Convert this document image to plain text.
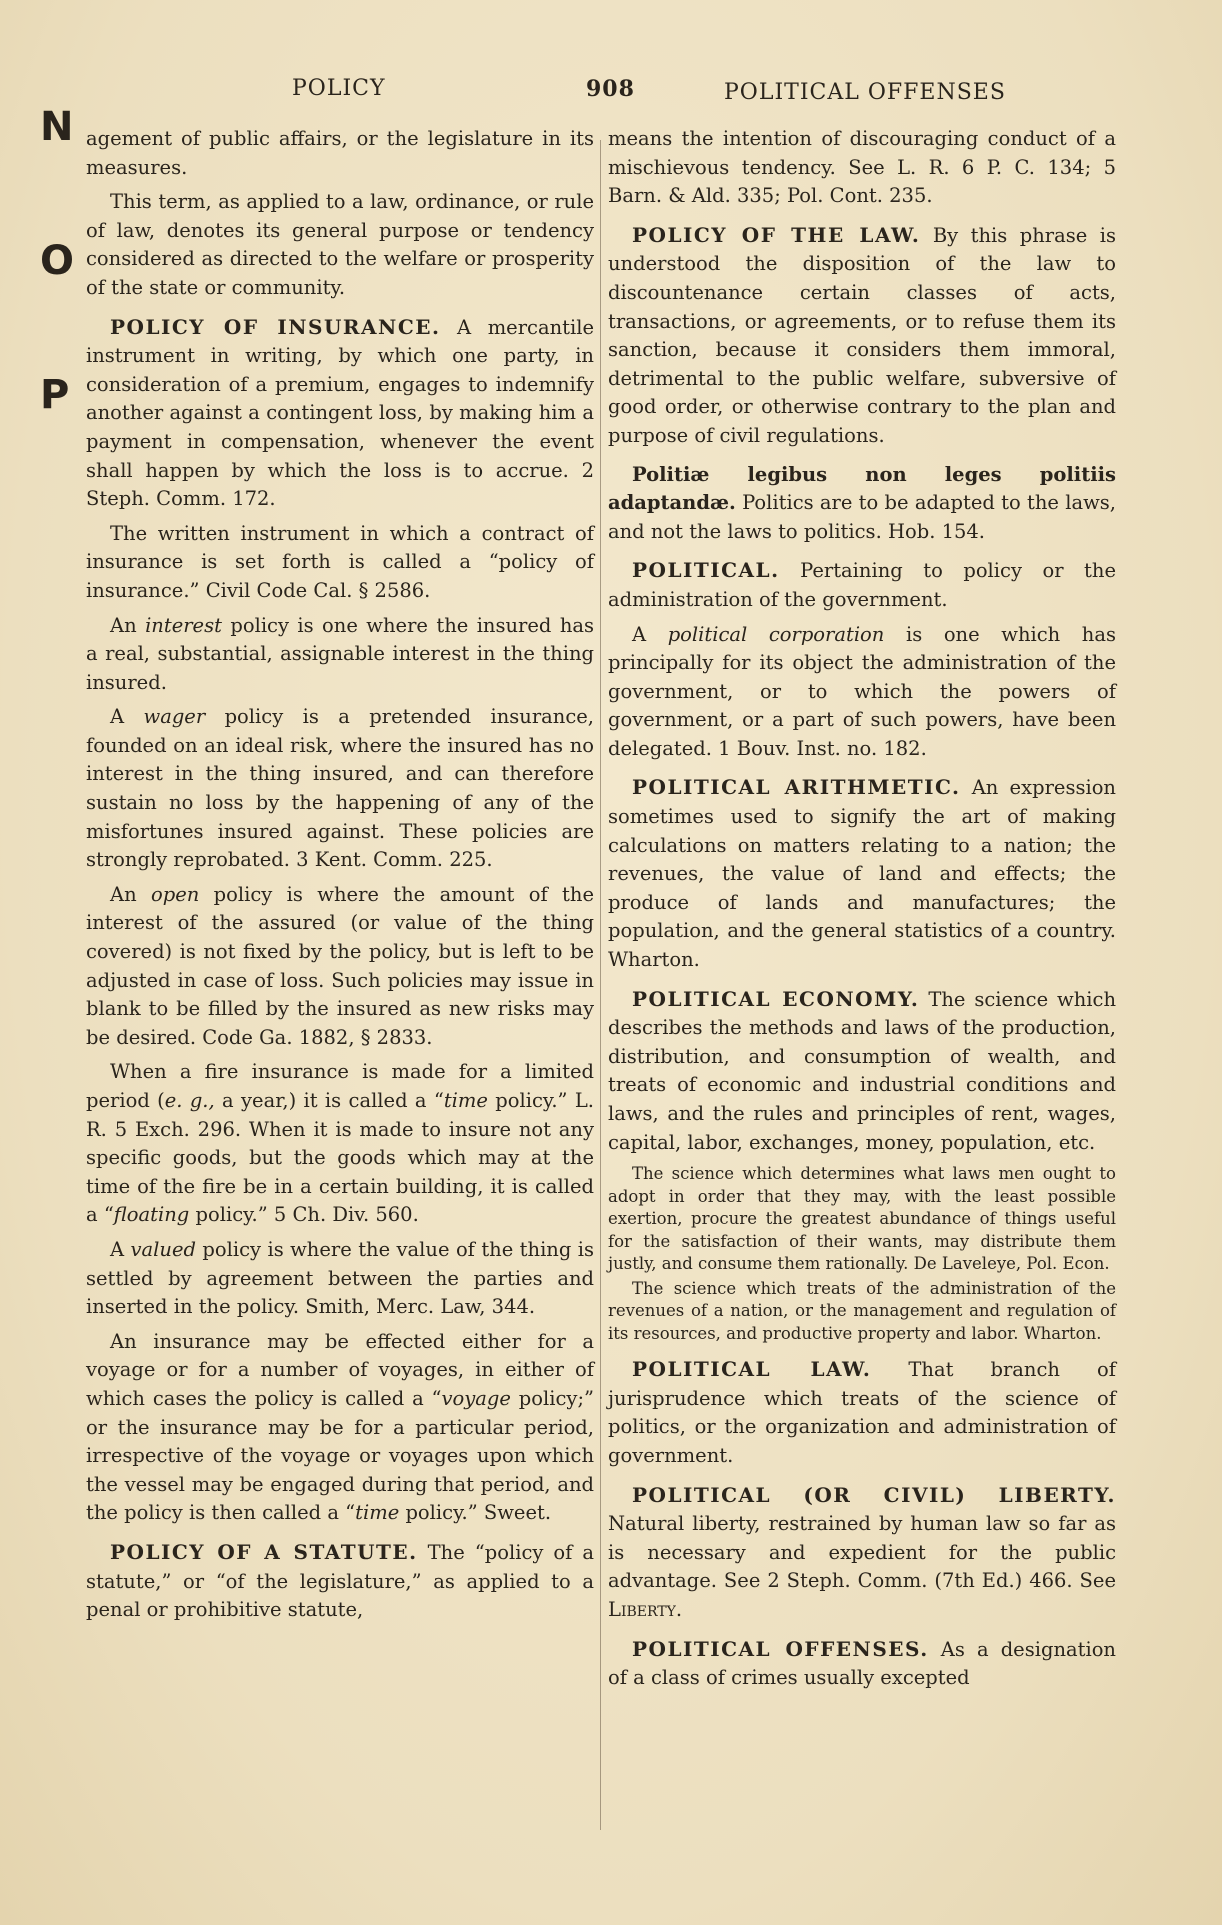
POLICY	908	POLITICAL OFFENSES
N
O
P

agement of public affairs, or the legislature in its measures.

This term, as applied to a law, ordinance, or rule of law, denotes its general purpose or tendency considered as directed to the welfare or prosperity of the state or community.

POLICY OF INSURANCE. A mercantile instrument in writing, by which one party, in consideration of a premium, engages to indemnify another against a contingent loss, by making him a payment in compensation, whenever the event shall happen by which the loss is to accrue. 2 Steph. Comm. 172.

The written instrument in which a contract of insurance is set forth is called a “policy of insurance.” Civil Code Cal. § 2586.

An interest policy is one where the insured has a real, substantial, assignable interest in the thing insured.

A wager policy is a pretended insurance, founded on an ideal risk, where the insured has no interest in the thing insured, and can therefore sustain no loss by the happening of any of the misfortunes insured against. These policies are strongly reprobated. 3 Kent. Comm. 225.

An open policy is where the amount of the interest of the assured (or value of the thing covered) is not fixed by the policy, but is left to be adjusted in case of loss. Such policies may issue in blank to be filled by the insured as new risks may be desired. Code Ga. 1882, § 2833.

When a fire insurance is made for a limited period (e. g., a year,) it is called a “time policy.” L. R. 5 Exch. 296. When it is made to insure not any specific goods, but the goods which may at the time of the fire be in a certain building, it is called a “floating policy.” 5 Ch. Div. 560.

A valued policy is where the value of the thing is settled by agreement between the parties and inserted in the policy. Smith, Merc. Law, 344.

An insurance may be effected either for a voyage or for a number of voyages, in either of which cases the policy is called a “voyage policy;” or the insurance may be for a particular period, irrespective of the voyage or voyages upon which the vessel may be engaged during that period, and the policy is then called a “time policy.” Sweet.

POLICY OF A STATUTE. The “policy of a statute,” or “of the legislature,” as applied to a penal or prohibitive statute,

means the intention of discouraging conduct of a mischievous tendency. See L. R. 6 P. C. 134; 5 Barn. & Ald. 335; Pol. Cont. 235.

POLICY OF THE LAW. By this phrase is understood the disposition of the law to discountenance certain classes of acts, transactions, or agreements, or to refuse them its sanction, because it considers them immoral, detrimental to the public welfare, subversive of good order, or otherwise contrary to the plan and purpose of civil regulations.

Politiæ legibus non leges politiis adaptandæ. Politics are to be adapted to the laws, and not the laws to politics. Hob. 154.

POLITICAL. Pertaining to policy or the administration of the government.

A political corporation is one which has principally for its object the administration of the government, or to which the powers of government, or a part of such powers, have been delegated. 1 Bouv. Inst. no. 182.

POLITICAL ARITHMETIC. An expression sometimes used to signify the art of making calculations on matters relating to a nation; the revenues, the value of land and effects; the produce of lands and manufactures; the population, and the general statistics of a country. Wharton.

POLITICAL ECONOMY. The science which describes the methods and laws of the production, distribution, and consumption of wealth, and treats of economic and industrial conditions and laws, and the rules and principles of rent, wages, capital, labor, exchanges, money, population, etc.

The science which determines what laws men ought to adopt in order that they may, with the least possible exertion, procure the greatest abundance of things useful for the satisfaction of their wants, may distribute them justly, and consume them rationally. De Laveleye, Pol. Econ.

The science which treats of the administration of the revenues of a nation, or the management and regulation of its resources, and productive property and labor. Wharton.

POLITICAL LAW. That branch of jurisprudence which treats of the science of politics, or the organization and administration of government.

POLITICAL (OR CIVIL) LIBERTY. Natural liberty, restrained by human law so far as is necessary and expedient for the public advantage. See 2 Steph. Comm. (7th Ed.) 466. See Liberty.

POLITICAL OFFENSES. As a designation of a class of crimes usually excepted
